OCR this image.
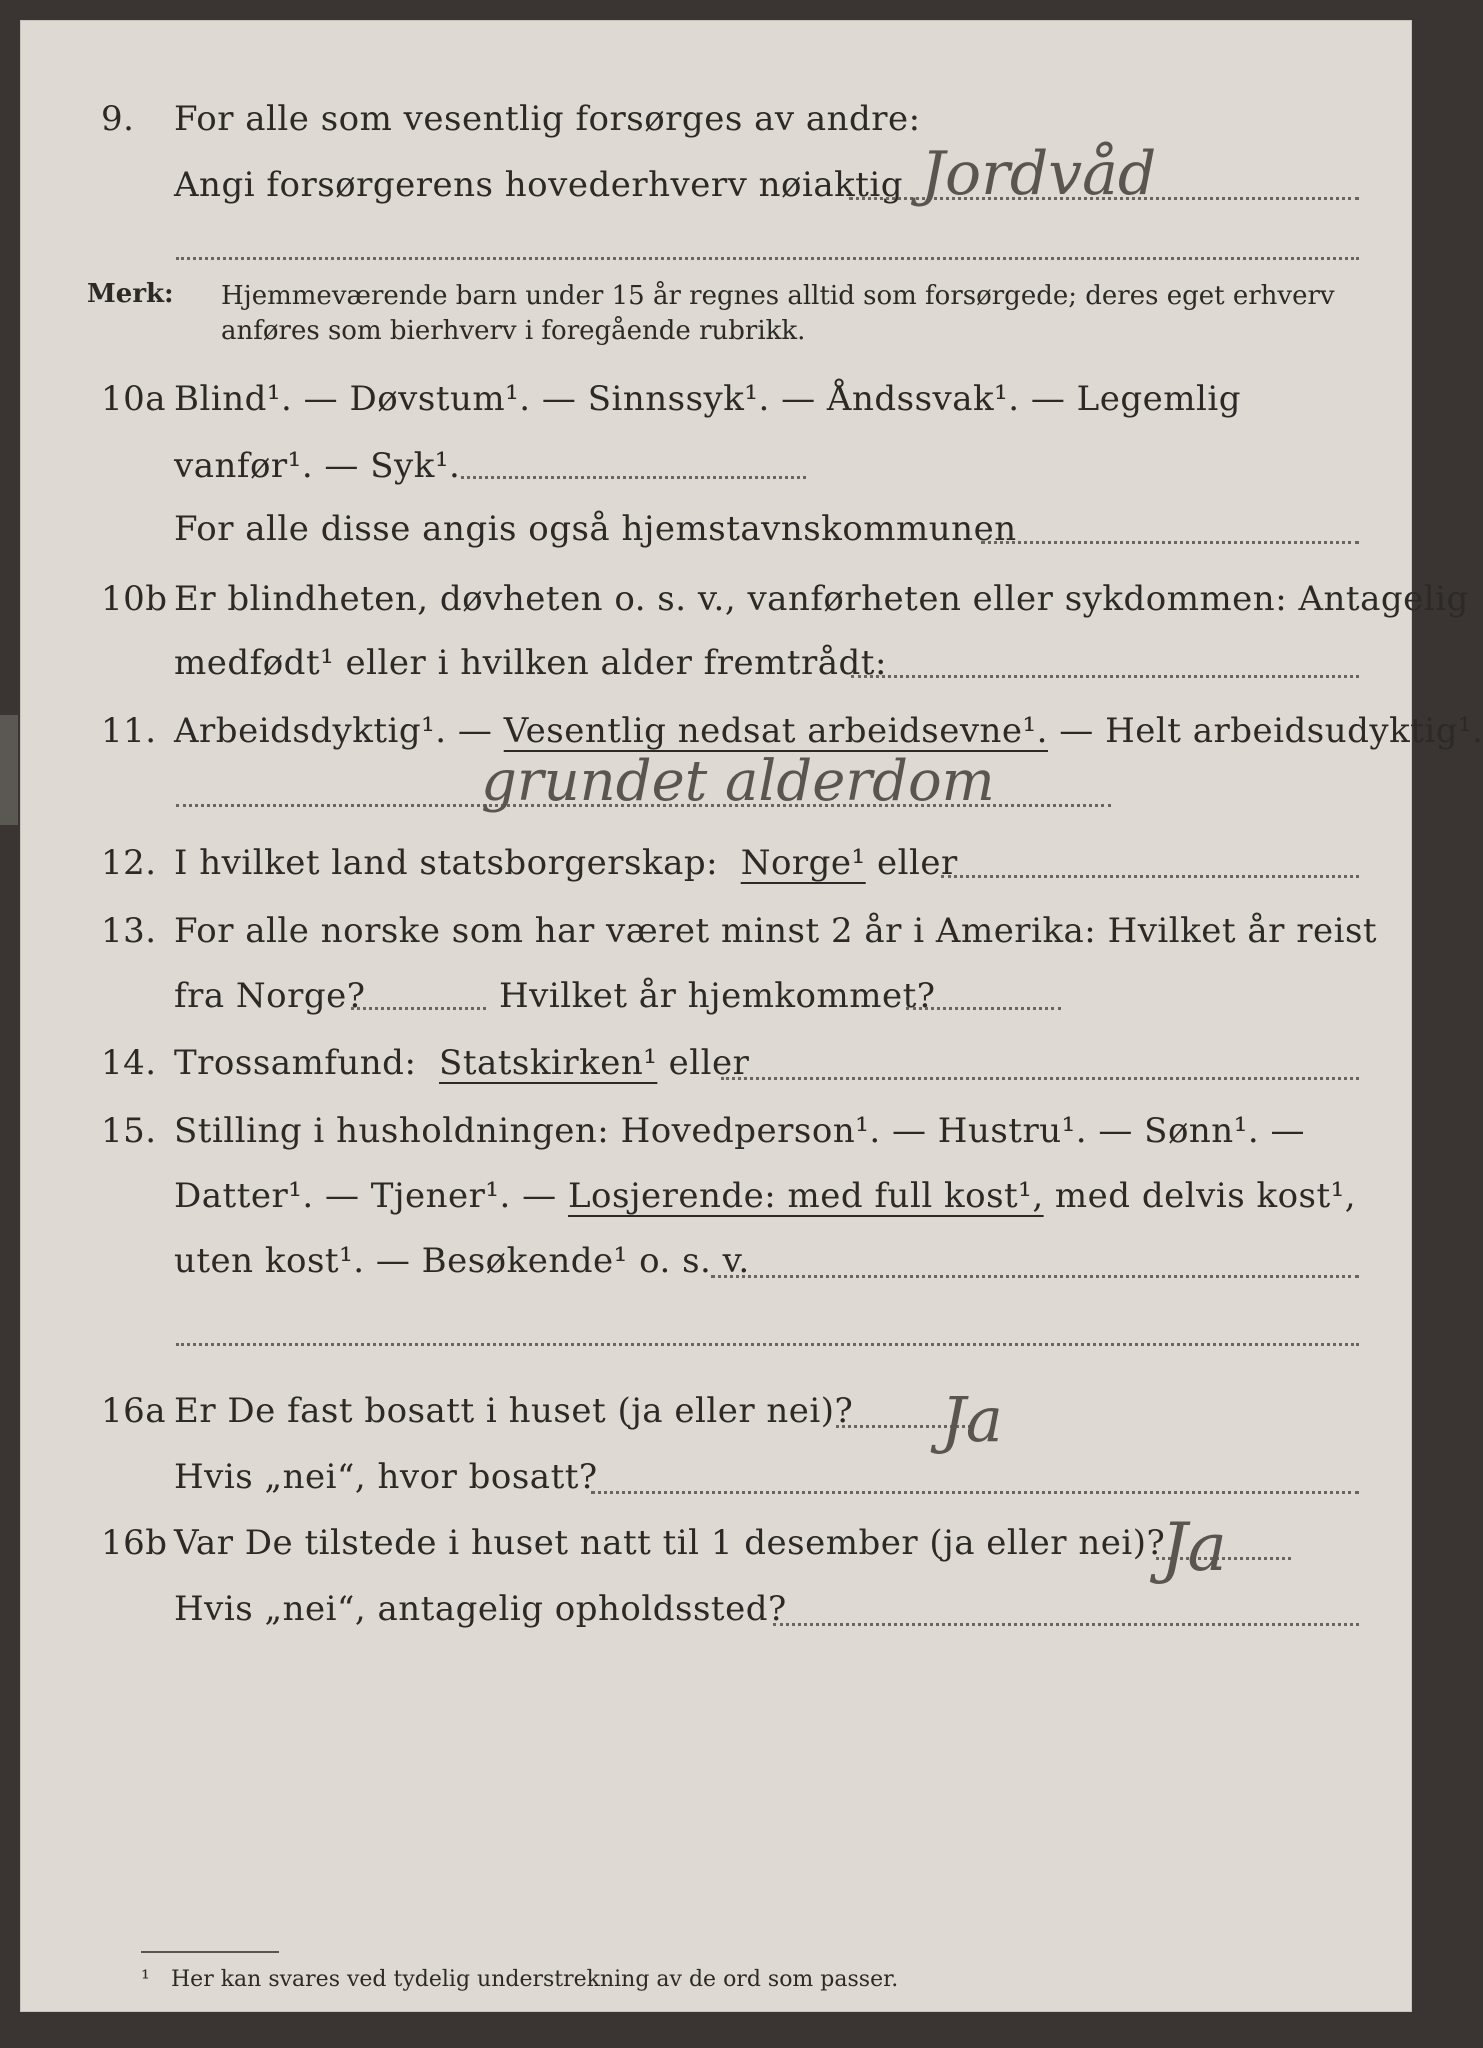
9. For alle som vesentlig forsørges av andre:
Angi forsørgerens hovederhverv nøiaktig Jordvåd
Merk: Hjemmeværende barn under 15 år regnes alltid som forsørgede; deres eget erhverv
anføres som bierhverv i foregående rubrikk.
10a Blind¹. — Døvstum¹. — Sinnssyk¹. — Åndssvak¹. — Legemlig
vanfør¹. — Syk¹.
For alle disse angis også hjemstavnskommunen
10b Er blindheten, døvheten o. s. v., vanførheten eller sykdommen: Antagelig
medfødt¹ eller i hvilken alder fremtrådt:
11. Arbeidsdyktig¹. — Vesentlig nedsat arbeidsevne¹. — Helt arbeidsudyktig¹.
grundet alderdom
12. I hvilket land statsborgerskap: Norge¹ eller
13. For alle norske som har været minst 2 år i Amerika: Hvilket år reist
fra Norge?	Hvilket år hjemkommet?
14. Trossamfund: Statskirken¹ eller
15. Stilling i husholdningen: Hovedperson¹. — Hustru¹. — Sønn¹. —
Datter¹. — Tjener¹. — Losjerende: med full kost¹, med delvis kost¹,
uten kost¹. — Besøkende¹ o. s. v.
16a Er De fast bosatt i huset (ja eller nei)? Ja
Hvis „nei“, hvor bosatt?
16b Var De tilstede i huset natt til 1 desember (ja eller nei)?
Ja
Hvis „nei“, antagelig opholdssted?
¹ Her kan svares ved tydelig understrekning av de ord som passer.
